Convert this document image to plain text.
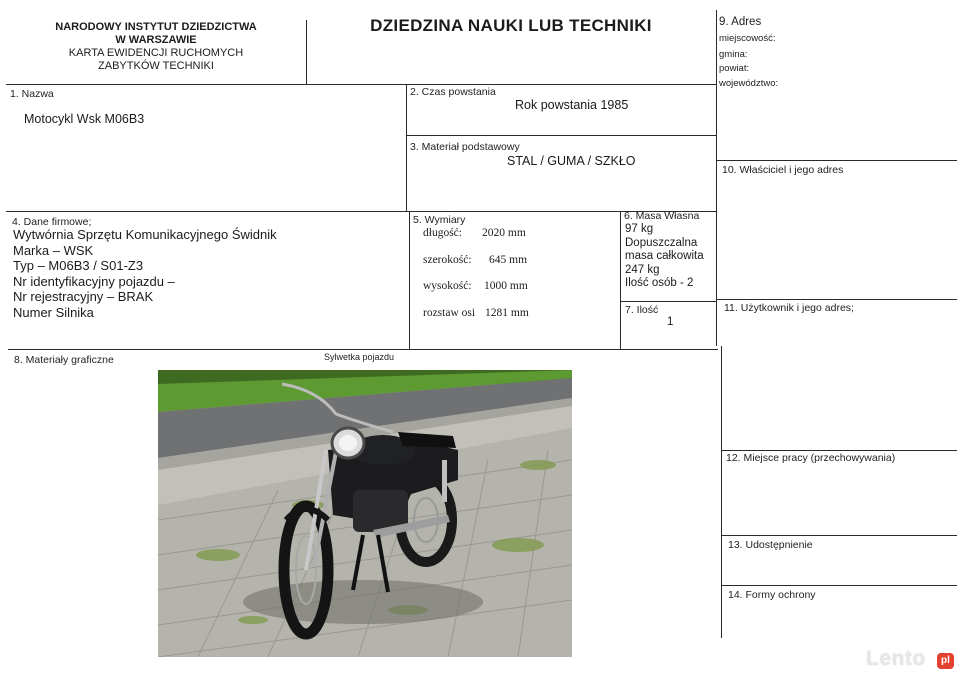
NARODOWY INSTYTUT DZIEDZICTWA
W WARSZAWIE
KARTA EWIDENCJI RUCHOMYCH
ZABYTKÓW TECHNIKI
DZIEDZINA NAUKI LUB TECHNIKI	9. Adres
miejscowość:
gmina:
powiat:
województwo:
1. Nazwa
Motocykl Wsk M06B3
2. Czas powstania
Rok powstania 1985
3. Materiał podstawowy
STAL / GUMA / SZKŁO
4. Dane firmowe;
Wytwórnia Sprzętu Komunikacyjnego Świdnik
Marka – WSK
Typ – M06B3 / S01-Z3
Nr identyfikacyjny pojazdu –
Nr rejestracyjny – BRAK
Numer Silnika
5. Wymiary
długość: 2020 mm
szerokość: 645 mm
wysokość: 1000 mm
rozstaw osi 1281 mm
6. Masa Własna
97 kg
Dopuszczalna
masa całkowita
247 kg
Ilość osób - 2
7. Ilość
1
10. Właściciel i jego adres
11. Użytkownik i jego adres;
12. Miejsce pracy (przechowywania)
13. Udostępnienie
14. Formy ochrony
8. Materiały graficzne	Sylwetka pojazdu
Lento	pl
